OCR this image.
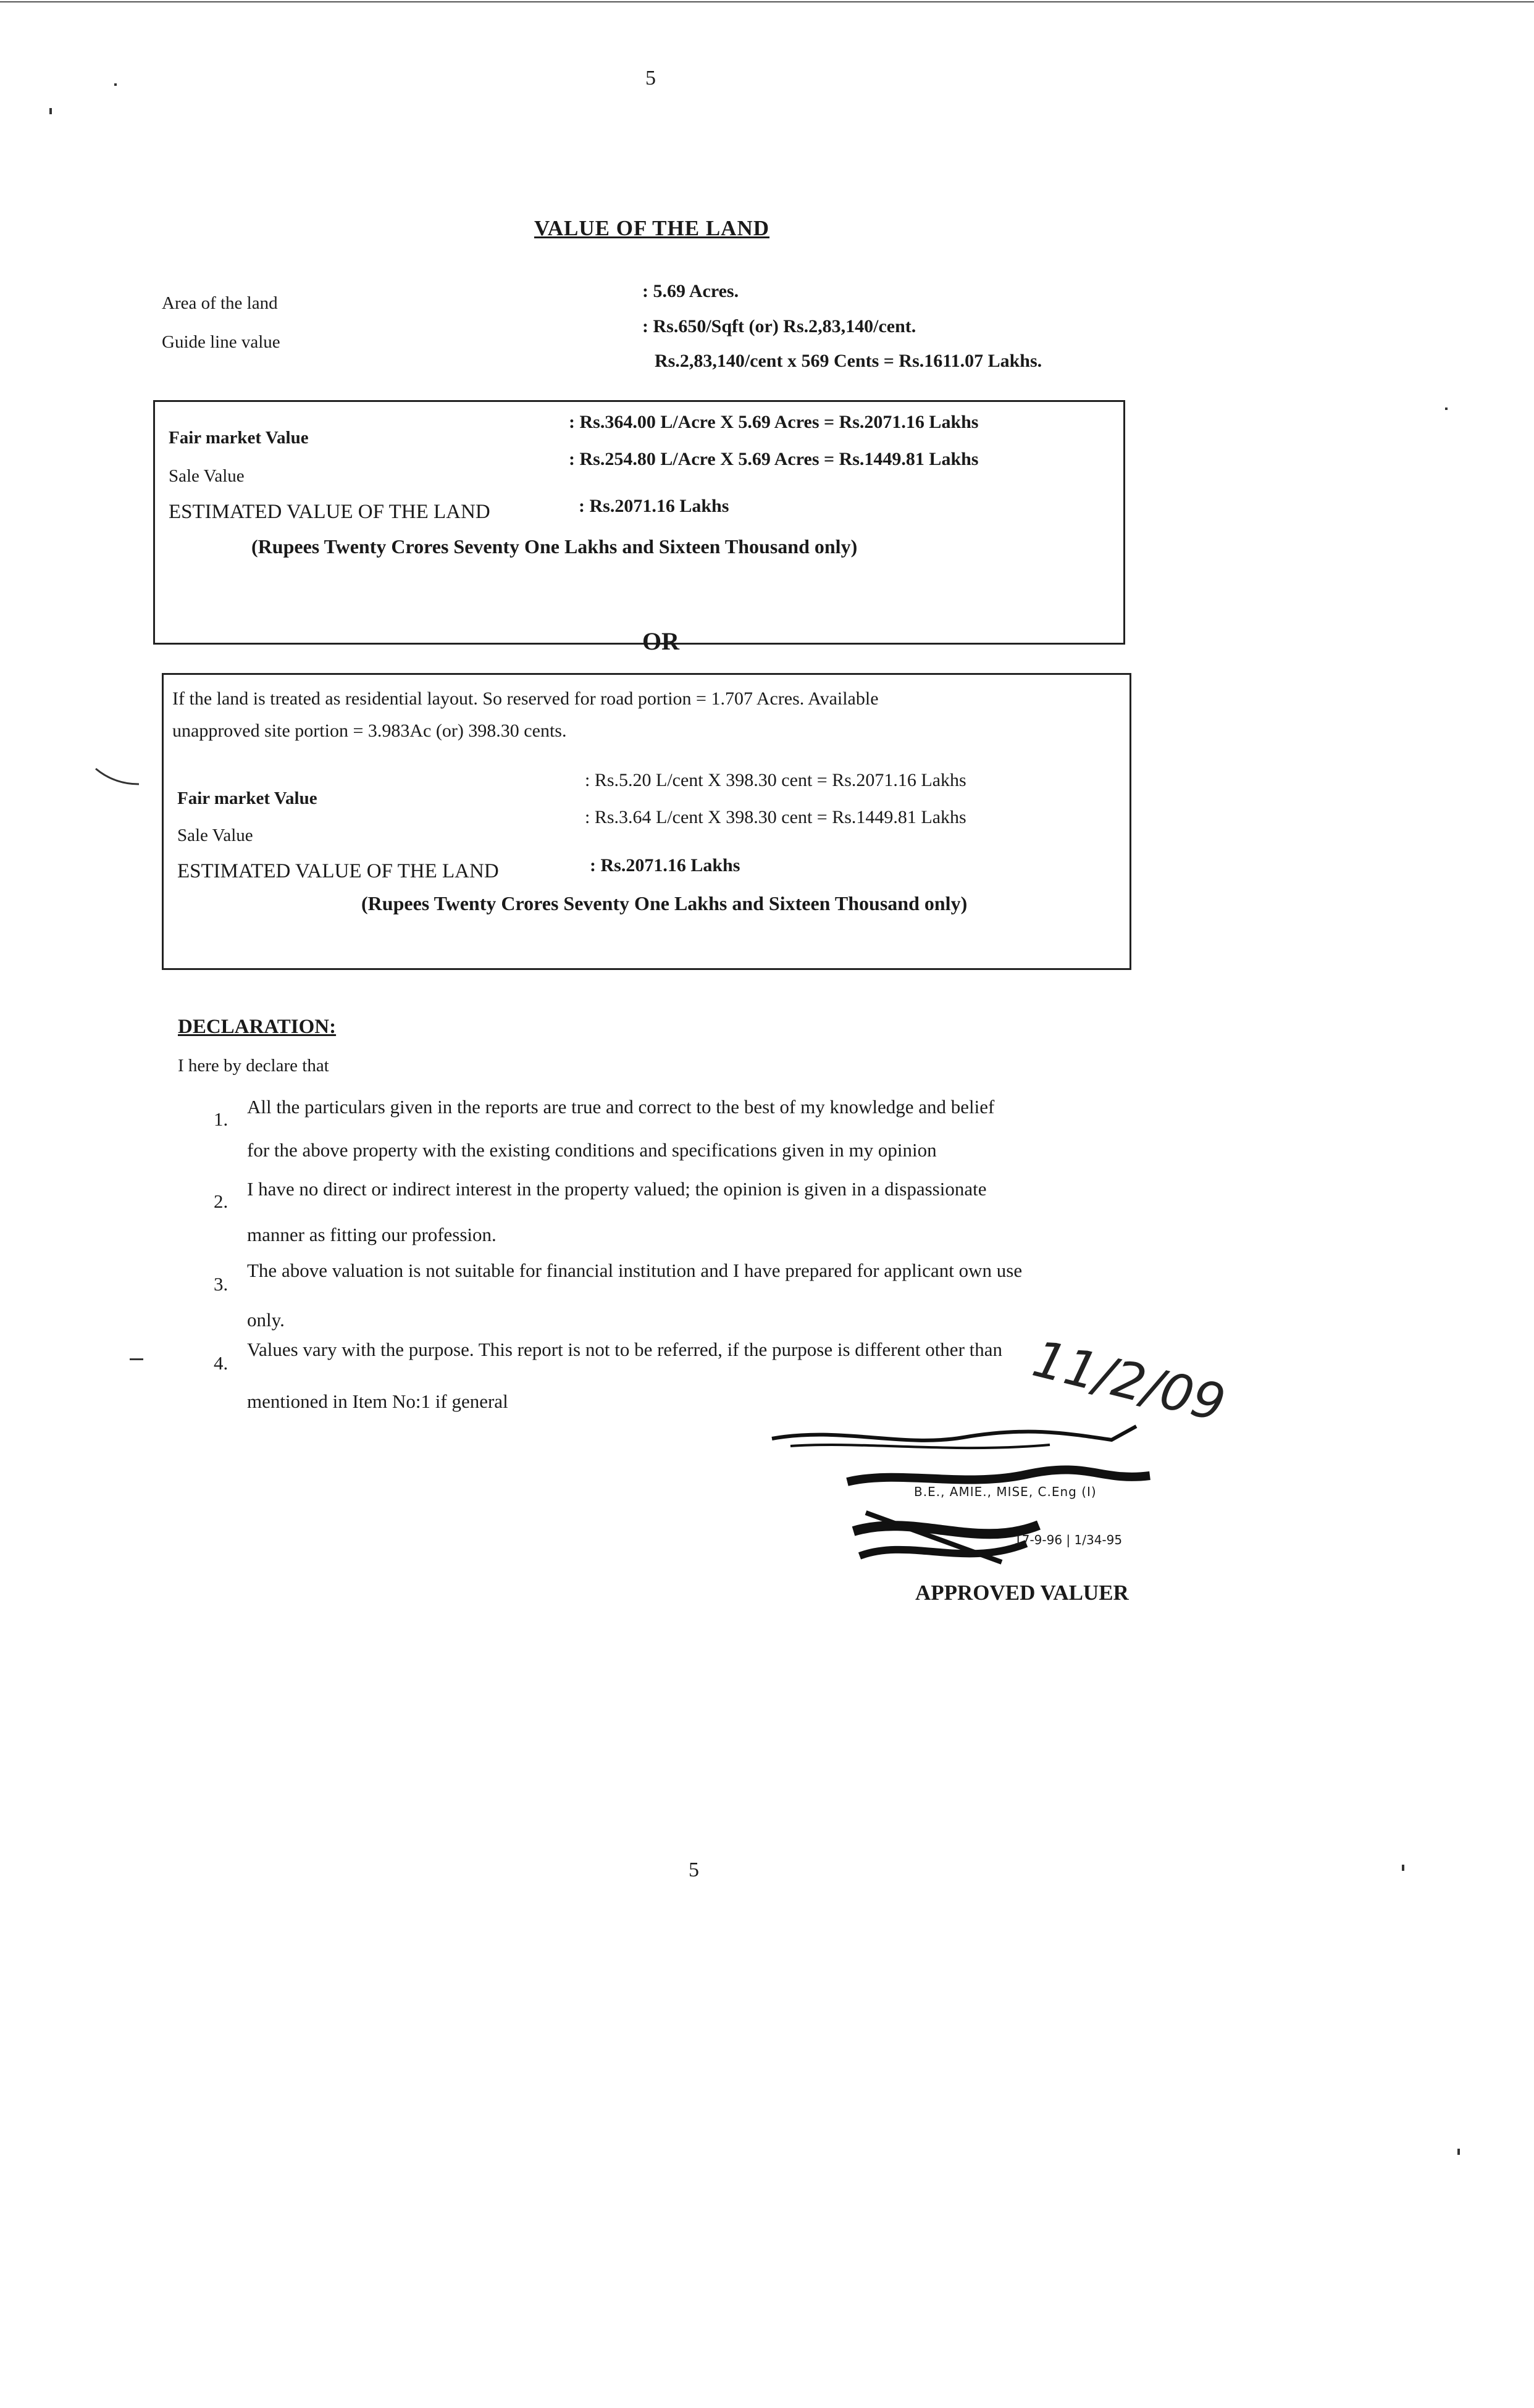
5
VALUE OF THE LAND
Area of the land
: 5.69 Acres.
Guide line value
: Rs.650/Sqft (or) Rs.2,83,140/cent.
Rs.2,83,140/cent x 569 Cents = Rs.1611.07 Lakhs.
Fair market Value
: Rs.364.00 L/Acre X 5.69 Acres = Rs.2071.16 Lakhs
Sale Value
: Rs.254.80 L/Acre X 5.69 Acres = Rs.1449.81 Lakhs
ESTIMATED VALUE OF THE LAND	: Rs.2071.16 Lakhs
(Rupees Twenty Crores Seventy One Lakhs and Sixteen Thousand only)
OR
If the land is treated as residential layout. So reserved for road portion = 1.707 Acres. Available
unapproved site portion = 3.983Ac (or) 398.30 cents.
Fair market Value
: Rs.5.20 L/cent X 398.30 cent = Rs.2071.16 Lakhs
Sale Value
: Rs.3.64 L/cent X 398.30 cent = Rs.1449.81 Lakhs
ESTIMATED VALUE OF THE LAND	: Rs.2071.16 Lakhs
(Rupees Twenty Crores Seventy One Lakhs and Sixteen Thousand only)
DECLARATION:
I here by declare that
1.
All the particulars given in the reports are true and correct to the best of my knowledge and belief
for the above property with the existing conditions and specifications given in my opinion
2.
I have no direct or indirect interest in the property valued; the opinion is given in a dispassionate
manner as fitting our profession.
3.
The above valuation is not suitable for financial institution and I have prepared for applicant own use
only.
4.
Values vary with the purpose. This report is not to be referred, if the purpose is different other than
mentioned in Item No:1 if general	11/2/09
B.E., AMIE., MISE, C.Eng (I)
17-9-96 | 1/34-95
APPROVED VALUER
5
